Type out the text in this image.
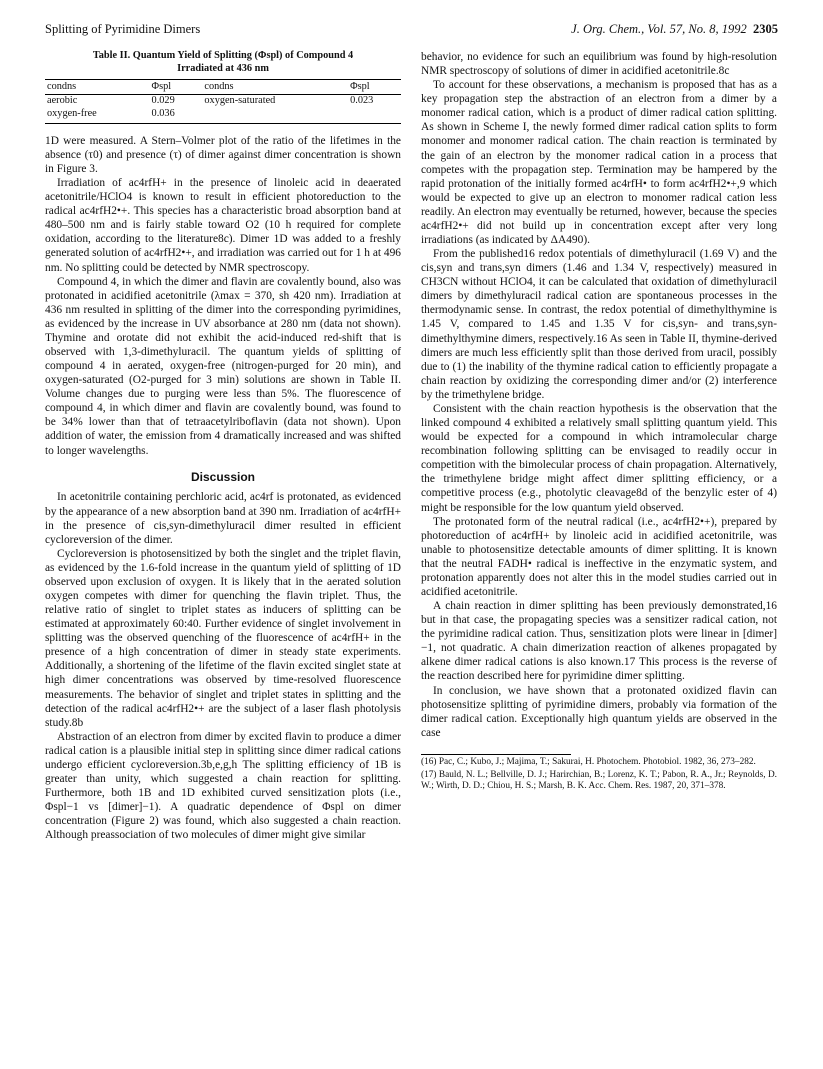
Splitting of Pyrimidine Dimers	J. Org. Chem., Vol. 57, No. 8, 1992 2305
Table II. Quantum Yield of Splitting (Φspl) of Compound 4
Irradiated at 436 nm
condns	Φspl	condns	Φspl
aerobic	0.029	oxygen-saturated	0.023
oxygen-free	0.036		

1D were measured. A Stern–Volmer plot of the ratio of the lifetimes in the absence (τ0) and presence (τ) of dimer against dimer concentration is shown in Figure 3.

Irradiation of ac4rfH+ in the presence of linoleic acid in deaerated acetonitrile/HClO4 is known to result in efficient photoreduction to the radical ac4rfH2•+. This species has a characteristic broad absorption band at 480–500 nm and is fairly stable toward O2 (10 h required for complete oxidation, according to the literature8c). Dimer 1D was added to a freshly generated solution of ac4rfH2•+, and irradiation was carried out for 1 h at 496 nm. No splitting could be detected by NMR spectroscopy.

Compound 4, in which the dimer and flavin are covalently bound, also was protonated in acidified acetonitrile (λmax = 370, sh 420 nm). Irradiation at 436 nm resulted in splitting of the dimer into the corresponding pyrimidines, as evidenced by the increase in UV absorbance at 280 nm (data not shown). Thymine and orotate did not exhibit the acid-induced red-shift that is observed with 1,3-dimethyluracil. The quantum yields of splitting of compound 4 in aerated, oxygen-free (nitrogen-purged for 20 min), and oxygen-saturated (O2-purged for 3 min) solutions are shown in Table II. Volume changes due to purging were less than 5%. The fluorescence of compound 4, in which dimer and flavin are covalently bound, was found to be 34% lower than that of tetraacetylriboflavin (data not shown). Upon addition of water, the emission from 4 dramatically increased and was shifted to longer wavelengths.

Discussion

In acetonitrile containing perchloric acid, ac4rf is protonated, as evidenced by the appearance of a new absorption band at 390 nm. Irradiation of ac4rfH+ in the presence of cis,syn-dimethyluracil dimer resulted in efficient cycloreversion of the dimer.

Cycloreversion is photosensitized by both the singlet and the triplet flavin, as evidenced by the 1.6-fold increase in the quantum yield of splitting of 1D observed upon exclusion of oxygen. It is likely that in the aerated solution oxygen competes with dimer for quenching the flavin triplet. Thus, the relative ratio of singlet to triplet states as inducers of splitting can be estimated at approximately 60:40. Further evidence of singlet involvement in splitting was the observed quenching of the fluorescence of ac4rfH+ in the presence of a high concentration of dimer in steady state experiments. Additionally, a shortening of the lifetime of the flavin excited singlet state at high dimer concentrations was observed by time-resolved fluorescence measurements. The behavior of singlet and triplet states in splitting and the detection of the radical ac4rfH2•+ are the subject of a laser flash photolysis study.8b

Abstraction of an electron from dimer by excited flavin to produce a dimer radical cation is a plausible initial step in splitting since dimer radical cations undergo efficient cycloreversion.3b,e,g,h The splitting efficiency of 1B is greater than unity, which suggested a chain reaction for splitting. Furthermore, both 1B and 1D exhibited curved sensitization plots (i.e., Φspl−1 vs [dimer]−1). A quadratic dependence of Φspl on dimer concentration (Figure 2) was found, which also suggested a chain reaction. Although preassociation of two molecules of dimer might give similar

behavior, no evidence for such an equilibrium was found by high-resolution NMR spectroscopy of solutions of dimer in acidified acetonitrile.8c

To account for these observations, a mechanism is proposed that has as a key propagation step the abstraction of an electron from a dimer by a monomer radical cation, which is a product of dimer radical cation splitting. As shown in Scheme I, the newly formed dimer radical cation splits to form monomer and monomer radical cation. The chain reaction is terminated by the gain of an electron by the monomer radical cation in a process that competes with the propagation step. Termination may be hampered by the rapid protonation of the initially formed ac4rfH• to form ac4rfH2•+,9 which would be expected to give up an electron to monomer radical cation less readily. An electron may eventually be returned, however, because the species ac4rfH2•+ did not build up in concentration except after very long irradiations (as indicated by ΔA490).

From the published16 redox potentials of dimethyluracil (1.69 V) and the cis,syn and trans,syn dimers (1.46 and 1.34 V, respectively) measured in CH3CN without HClO4, it can be calculated that oxidation of dimethyluracil dimers by dimethyluracil radical cation are spontaneous processes in the thermodynamic sense. In contrast, the redox potential of dimethylthymine is 1.45 V, compared to 1.45 and 1.35 V for cis,syn- and trans,syn-dimethylthymine dimers, respectively.16 As seen in Table II, thymine-derived dimers are much less efficiently split than those derived from uracil, possibly due to (1) the inability of the thymine radical cation to efficiently propagate a chain reaction by oxidizing the corresponding dimer and/or (2) interference by the trimethylene bridge.

Consistent with the chain reaction hypothesis is the observation that the linked compound 4 exhibited a relatively small splitting quantum yield. This would be expected for a compound in which intramolecular charge recombination following splitting can be envisaged to readily occur in competition with the bimolecular process of chain propagation. Alternatively, the trimethylene bridge might affect dimer splitting efficiency, or a competitive process (e.g., photolytic cleavage8d of the benzylic ester of 4) might be responsible for the low quantum yield observed.

The protonated form of the neutral radical (i.e., ac4rfH2•+), prepared by photoreduction of ac4rfH+ by linoleic acid in acidified acetonitrile, was unable to photosensitize detectable amounts of dimer splitting. It is known that the neutral FADH• radical is ineffective in the enzymatic system, and protonation apparently does not alter this in the model studies carried out in acidified acetonitrile.

A chain reaction in dimer splitting has been previously demonstrated,16 but in that case, the propagating species was a sensitizer radical cation, not the pyrimidine radical cation. Thus, sensitization plots were linear in [dimer]−1, not quadratic. A chain dimerization reaction of alkenes propagated by alkene dimer radical cations is also known.17 This process is the reverse of the reaction described here for pyrimidine dimer splitting.

In conclusion, we have shown that a protonated oxidized flavin can photosensitize splitting of pyrimidine dimers, probably via formation of the dimer radical cation. Exceptionally high quantum yields are observed in the case

(16) Pac, C.; Kubo, J.; Majima, T.; Sakurai, H. Photochem. Photobiol. 1982, 36, 273–282.
(17) Bauld, N. L.; Bellville, D. J.; Harirchian, B.; Lorenz, K. T.; Pabon, R. A., Jr.; Reynolds, D. W.; Wirth, D. D.; Chiou, H. S.; Marsh, B. K. Acc. Chem. Res. 1987, 20, 371–378.
